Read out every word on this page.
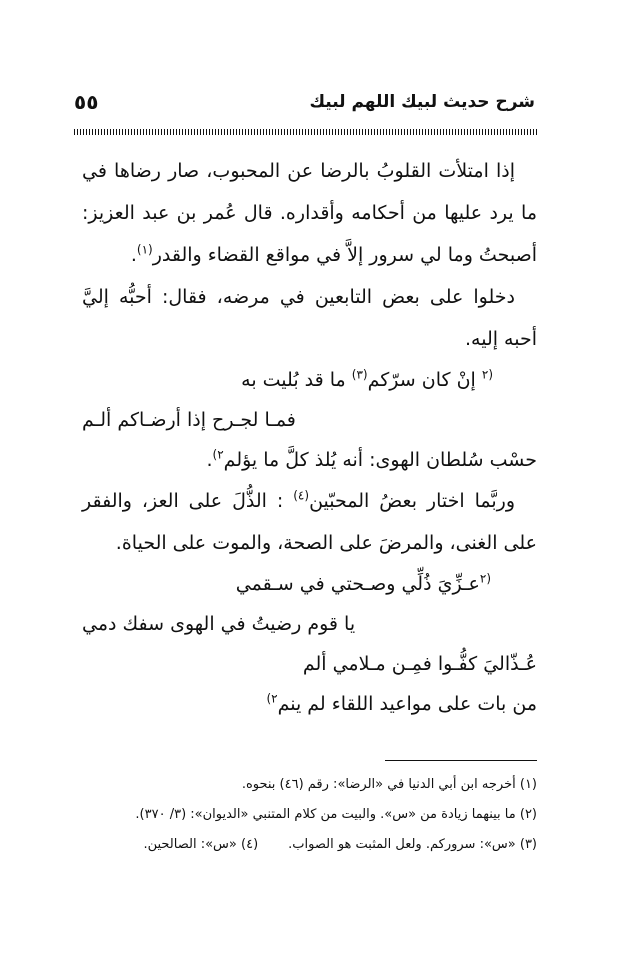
شرح حديث لبيك اللهم لبيك
٥٥

إذا امتلأت القلوبُ بالرضا عن المحبوب، صار رضاها في ما يرد عليها من أحكامه وأقداره. قال عُمر بن عبد العزيز: أصبحتُ وما لي سرور إلاَّ في مواقع القضاء والقدر$^{(١)}$.

دخلوا على بعض التابعين في مرضه، فقال: أحبُّه إليَّ أحبه إليه.

$^{(٢}$ إنْ كان سرّكم$^{(٣)}$ ما قد بُليت به
فمـا لجـرح إذا أرضـاكم ألـم
حسْب سُلطان الهوى: أنه يُلذ كلَّ ما يؤلم$^{٢)}$.

وربَّما اختار بعضُ المحبّين$^{(٤)}$ : الذُّلَ على العز، والفقر على الغنى، والمرضَ على الصحة، والموت على الحياة.

$^{(٢}$عـزِّيَ ذُلِّي وصـحتي في سـقمي
يا قوم رضيتُ في الهوى سفك دمي
عُـذّاليَ كفُّـوا فمِـن مـلامي ألم
من بات على مواعيد اللقاء لم ينم$^{٢)}$
(١) أخرجه ابن أبي الدنيا في «الرضا»: رقم (٤٦) بنحوه.
(٢) ما بينهما زيادة من «س». والبيت من كلام المتنبي «الديوان»: (٣/ ٣٧٠).
(٣) «س»: سروركم. ولعل المثبت هو الصواب.(٤) «س»: الصالحين.
